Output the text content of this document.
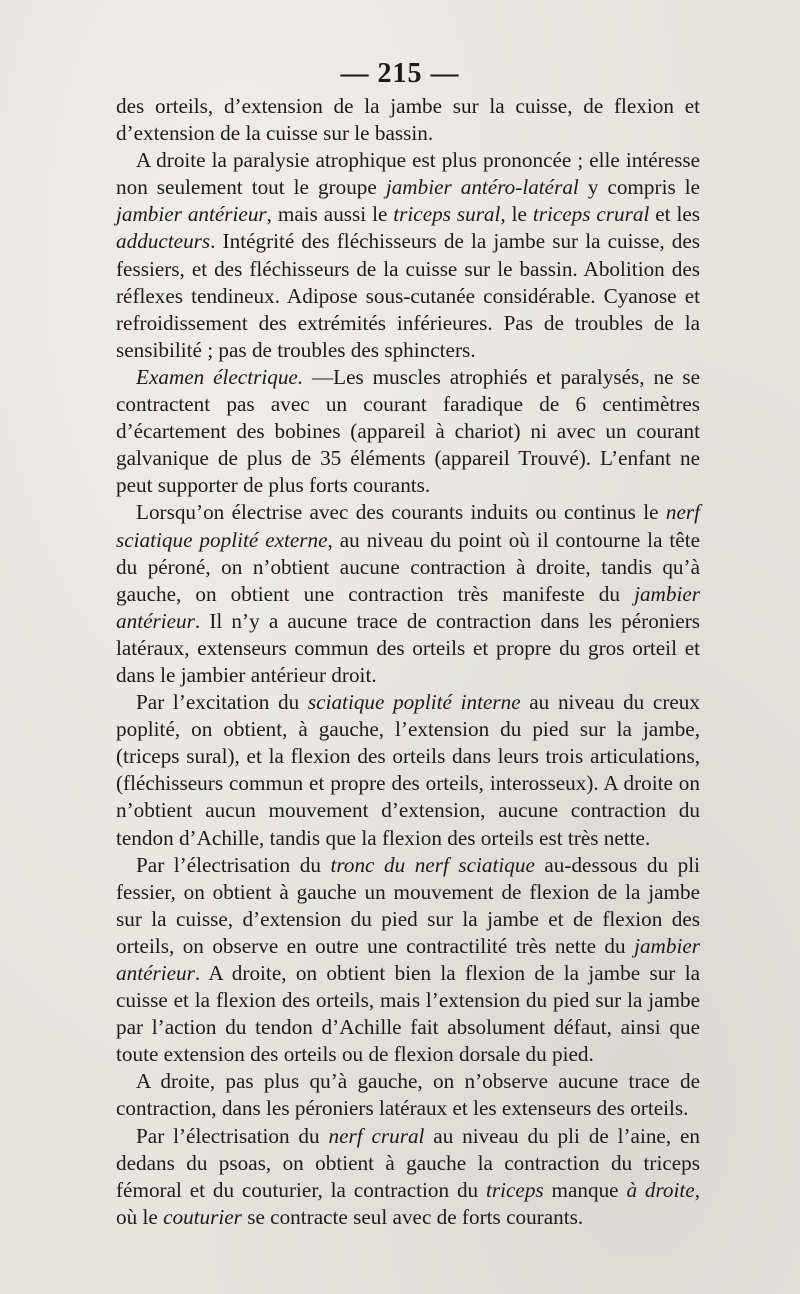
— 215 —

des orteils, d’extension de la jambe sur la cuisse, de flexion et d’extension de la cuisse sur le bassin.

A droite la paralysie atrophique est plus prononcée ; elle intéresse non seulement tout le groupe jambier antéro-latéral y compris le jambier antérieur, mais aussi le triceps sural, le triceps crural et les adducteurs. Intégrité des fléchisseurs de la jambe sur la cuisse, des fessiers, et des fléchisseurs de la cuisse sur le bassin. Abolition des réflexes tendineux. Adipose sous-cutanée considérable. Cyanose et refroidissement des extrémités inférieures. Pas de troubles de la sensibilité ; pas de troubles des sphincters.

Examen électrique. —Les muscles atrophiés et paralysés, ne se contractent pas avec un courant faradique de 6 centimètres d’écartement des bobines (appareil à chariot) ni avec un courant galvanique de plus de 35 éléments (appareil Trouvé). L’enfant ne peut supporter de plus forts courants.

Lorsqu’on électrise avec des courants induits ou continus le nerf sciatique poplité externe, au niveau du point où il contourne la tête du péroné, on n’obtient aucune contraction à droite, tandis qu’à gauche, on obtient une contraction très manifeste du jambier antérieur. Il n’y a aucune trace de contraction dans les péroniers latéraux, extenseurs commun des orteils et propre du gros orteil et dans le jambier antérieur droit.

Par l’excitation du sciatique poplité interne au niveau du creux poplité, on obtient, à gauche, l’extension du pied sur la jambe, (triceps sural), et la flexion des orteils dans leurs trois articulations, (fléchisseurs commun et propre des orteils, interosseux). A droite on n’obtient aucun mouvement d’extension, aucune contraction du tendon d’Achille, tandis que la flexion des orteils est très nette.

Par l’électrisation du tronc du nerf sciatique au-dessous du pli fessier, on obtient à gauche un mouvement de flexion de la jambe sur la cuisse, d’extension du pied sur la jambe et de flexion des orteils, on observe en outre une contractilité très nette du jambier antérieur. A droite, on obtient bien la flexion de la jambe sur la cuisse et la flexion des orteils, mais l’extension du pied sur la jambe par l’action du tendon d’Achille fait absolument défaut, ainsi que toute extension des orteils ou de flexion dorsale du pied.

A droite, pas plus qu’à gauche, on n’observe aucune trace de contraction, dans les péroniers latéraux et les extenseurs des orteils.

Par l’électrisation du nerf crural au niveau du pli de l’aine, en dedans du psoas, on obtient à gauche la contraction du triceps fémoral et du couturier, la contraction du triceps manque à droite, où le couturier se contracte seul avec de forts courants.
